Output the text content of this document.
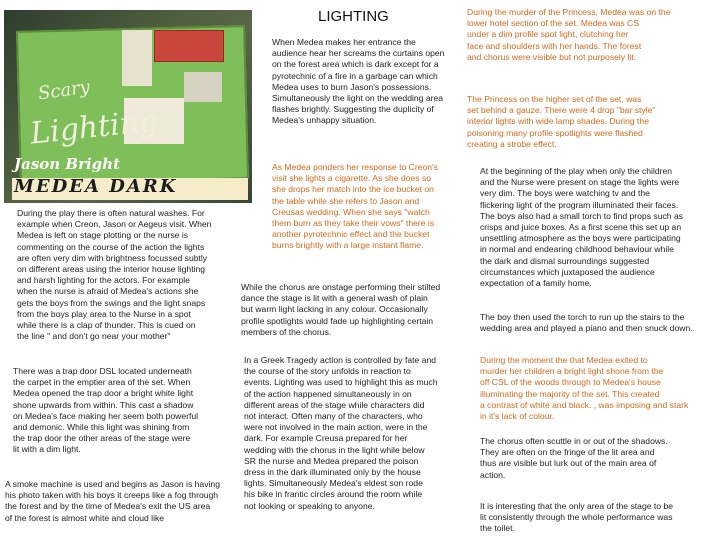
Scary
Lighting
Jason Bright
MEDEA DARK
LIGHTING

When Medea makes her entrance the
audience hear her screams the curtains open
on the forest area which is dark except for a
pyrotechnic of a fire in a garbage can which
Medea uses to burn Jason's possessions.
Simultaneously the light on the wedding area
flashes brightly. Suggesting the duplicity of
Medea's unhappy situation.

During the murder of the Princess, Medea was on the
lower hotel section of the set. Medea was CS
under a dim profile spot light, clutching her
face and shoulders with her hands. The forest
and chorus were visible but not purposely lit.

The Princess on the higher set of the set, was
set behind a gauze. There were 4 drop "bar style"
interior lights with wide lamp shades. During the
poisoning many profile spotlights were flashed
creating a strobe effect.

As Medea ponders her response to Creon's
visit she lights a cigarette. As she does so
she drops her match into the ice bucket on
the table while she refers to Jason and
Creusas wedding. When she says "watch
them burn as they take their vows" there is
another pyrotechnic effect and the bucket
burns brightly with a large instant flame.

At the beginning of the play when only the children
and the Nurse were present on stage the lights were
very dim. The boys were watching tv and the
flickering light of the program illuminated their faces.
The boys also had a small torch to find props such as
crisps and juice boxes. As a first scene this set up an
unsettling atmosphere as the boys were participating
in normal and endearing childhood behaviour while
the dark and dismal surroundings suggested
circumstances which juxtaposed the audience
expectation of a family home.

During the play there is often natural washes. For
example when Creon, Jason or Aegeus visit. When
Medea is left on stage plotting or the nurse is
commenting on the course of the action the lights
are often very dim with brightness focussed subtly
on different areas using the interior house lighting
and harsh lighting for the actors. For example
when the nurse is afraid of Medea's actions she
gets the boys from the swings and the light snaps
from the boys play area to the Nurse in a spot
while there is a clap of thunder. This is cued on
the line " and don't go near your mother"

While the chorus are onstage performing their stilted
dance the stage is lit with a general wash of plain
but warm light lacking in any colour. Occasionally
profile spotlights would fade up highlighting certain
members of the chorus.

The boy then used the torch to run up the stairs to the
wedding area and played a piano and then snuck down.

There was a trap door DSL located underneath
the carpet in the emptier area of the set. When
Medea opened the trap door a bright white light
shone upwards from within. This cast a shadow
on Medea's face making her seem both powerful
and demonic. While this light was shining from
the trap door the other areas of the stage were
lit with a dim light.

In a Greek Tragedy action is controlled by fate and
the course of the story unfolds in reaction to
events. Lighting was used to highlight this as much
of the action happened simultaneously in on
different areas of the stage while characters did
not interact. Often many of the characters, who
were not involved in the main action, were in the
dark. For example Creusa prepared for her
wedding with the chorus in the light while below
SR the nurse and Medea prepared the poison
dress in the dark illuminated only by the house
lights. Simultaneously Medea's eldest son rode
his bike in frantic circles around the room while
not looking or speaking to anyone.

During the moment the that Medea exited to
murder her children a bright light shone from the
off CSL of the woods through to Medea's house
illuminating the majority of the set. This created
a contrast of white and black. , was imposing and stark
in it's lack of colour.

The chorus often scuttle in or out of the shadows.
They are often on the fringe of the lit area and
thus are visible but lurk out of the main area of
action.

A smoke machine is used and begins as Jason is having
his photo taken with his boys it creeps like a fog through
the forest and by the time of Medea's exit the US area
of the forest is almost white and cloud like

It is interesting that the only area of the stage to be
lit consistently through the whole performance was
the toilet.
